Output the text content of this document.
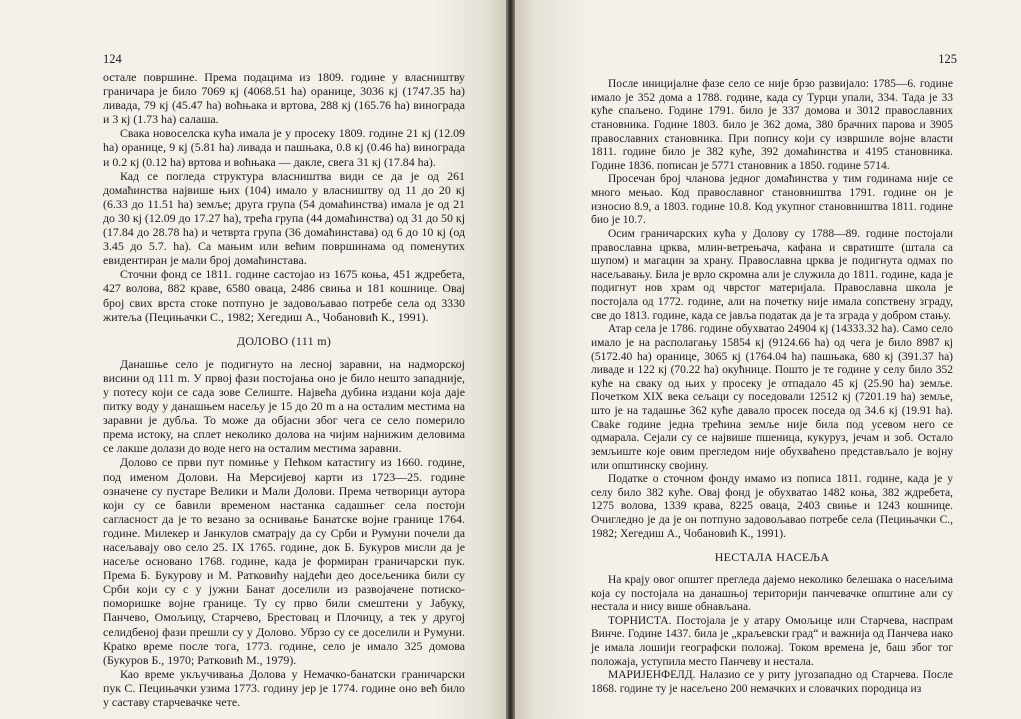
124

остале површине. Према подацима из 1809. године у власништву граничара је било 7069 кј (4068.51 ha) оранице, 3036 кј (1747.35 ha) ливада, 79 кј (45.47 ha) воћњака и вртова, 288 кј (165.76 ha) винограда и 3 кј (1.73 ha) салаша.

Свака новоселска кућа имала је у просеку 1809. године 21 кј (12.09 ha) оранице, 9 кј (5.81 ha) ливада и пашњака, 0.8 кј (0.46 ha) винограда и 0.2 кј (0.12 ha) вртова и воћњака — дакле, свега 31 кј (17.84 ha).

Кад се погледа структура власништва види се да је од 261 домаћинства највише њих (104) имало у власништву од 11 до 20 кј (6.33 до 11.51 ha) земље; друга група (54 домаћинства) имала је од 21 до 30 кј (12.09 до 17.27 ha), трећа група (44 домаћинства) од 31 до 50 кј (17.84 до 28.78 ha) и четврта група (36 домаћинстава) од 6 до 10 кј (од 3.45 до 5.7. ha). Са мањим или већим површинама од поменутих евидентиран је мали број домаћинстава.

Сточни фонд се 1811. године састојао из 1675 коња, 451 ждребета, 427 волова, 882 краве, 6580 оваца, 2486 свиња и 181 кошнице. Овај број свих врста стоке потпуно је задовољавао потребе села од 3330 житеља (Пецињачки С., 1982; Хегедиш А., Чобановић К., 1991).

ДОЛОВО (111 m)

Данашње село је подигнуто на лесној заравни, на надморској висини од 111 m. У првој фази постојања оно је било нешто западније, у потесу који се сада зове Селиште. Највећа дубина издани која даје питку воду у данашњем насељу је 15 до 20 m а на осталим местима на заравни је дубља. То може да објасни због чега се село померило према истоку, на сплет неколико долова на чијим најнижим деловима се лакше долази до воде него на осталим местима заравни.

Долово се први пут помиње у Пећком катастигу из 1660. године, под именом Долови. На Мерсијевој карти из 1723—25. године означене су пустаре Велики и Мали Долови. Према четворици аутора који су се бавили временом настанка садашњег села постоји сагласност да је то везано за оснивање Банатске војне границе 1764. године. Милекер и Јанкулов сматрају да су Срби и Румуни почели да насељавају ово село 25. IX 1765. године, док Б. Букуров мисли да је насеље основано 1768. године, када је формиран граничарски пук. Према Б. Букурову и М. Ратковићу најдећи део досељеника били су Срби који су с у јужни Банат доселили из развојачене потиско-поморишке војне границе. Ту су прво били смештени у Јабуку, Панчево, Омољицу, Старчево, Брестовац и Плочицу, а тек у другој селидбеној фази прешли су у Долово. Убрзо су се доселили и Румуни. Крatко време после тога, 1773. године, село је имало 325 домова (Букуров Б., 1970; Ратковић М., 1979).

Као време укључивања Долова у Немачко-банатски граничарски пук С. Пецињачки узима 1773. годину јер је 1774. године оно већ било у саставу старчевачке чете.

125

После иницијалне фазе село се није брзо развијало: 1785—6. године имало је 352 дома а 1788. године, када су Турци упали, 334. Тада је 33 куће спаљено. Године 1791. било је 337 домова и 3012 православних становника. Године 1803. било је 362 дома, 380 брачних парова и 3905 православних становника. При попису који су извршиле војне власти 1811. године било је 382 куће, 392 домаћинства и 4195 становника. Године 1836. пописан је 5771 становник а 1850. године 5714.

Просечан број чланова једног домаћинства у тим годинама није се много мењао. Код православног становништва 1791. године он је износио 8.9, а 1803. године 10.8. Код укупног становништва 1811. године био је 10.7.

Осим граничарских кућа у Долову су 1788—89. године постојали православна црква, млин-ветрењача, кафана и свратиште (штала са шупом) и магацин за храну. Православна црква је подигнута одмах по насељавању. Била је врло скромна али је служила до 1811. године, када је подигнут нов храм од чврстог материјала. Православна школа је постојала од 1772. године, али на почетку није имала сопствену зграду, све до 1813. године, када се јавља податак да је та зграда у добром стању.

Атар села је 1786. године обухватао 24904 кј (14333.32 ha). Само село имало је на располагању 15854 кј (9124.66 ha) од чега је било 8987 кј (5172.40 ha) оранице, 3065 кј (1764.04 ha) пашњака, 680 кј (391.37 ha) ливаде и 122 кј (70.22 ha) окућнице. Пошто је те године у селу било 352 куће на сваку од њих у просеку је отпадало 45 кј (25.90 ha) земље. Почетком XIX века сељаци су поседовали 12512 кј (7201.19 ha) земље, што је на тадашње 362 куће давало просек поседа од 34.6 кј (19.91 ha). Свake године једна трећина земље није била под усевом него се одмарала. Сејали су се највише пшеница, кукуруз, јечам и зоб. Остало земљиште које овим прегледом није обухваћено представљало је војну или општинску својину.

Податке о сточном фонду имамо из пописа 1811. године, када је у селу било 382 куће. Овај фонд је обухватао 1482 коња, 382 ждребета, 1275 волова, 1339 крава, 8225 оваца, 2403 свиње и 1243 кошнице. Очигледно је да је он потпуно задовољавао потребе села (Пецињачки С., 1982; Хегедиш А., Чобановић К., 1991).

НЕСТАЛА НАСЕЉА

На крају овог општег прегледа дајемо неколико белешака о насељима која су постојала на данашњој територији панчевачке општине али су нестала и нису више обнављана.

ТОРНИСТА. Постојала је у атару Омољице или Старчева, наспрам Винче. Године 1437. била је „краљевски град“ и важнија од Панчева иако је имала лошији географски положај. Током времена је, баш због тог положаја, уступила место Панчеву и нестала.

МАРИЈЕНФЕЛД. Налазио се у риту југозападно од Старчева. После 1868. године ту је насељено 200 немачких и словачких породица из
